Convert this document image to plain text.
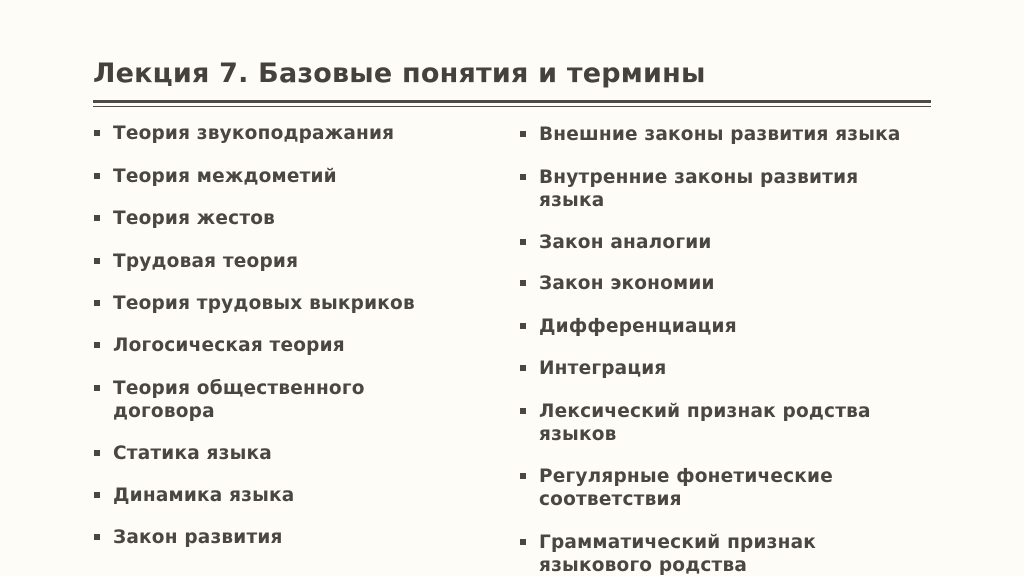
Лекция 7. Базовые понятия и термины
Теория звукоподражания
Теория междометий
Теория жестов
Трудовая теория
Теория трудовых выкриков
Логосическая теория
Теория общественного договора
Статика языка
Динамика языка
Закон развития
Внешние законы развития языка
Внутренние законы развития языка
Закон аналогии
Закон экономии
Дифференциация
Интеграция
Лексический признак родства языков
Регулярные фонетические соответствия
Грамматический признак языкового родства
